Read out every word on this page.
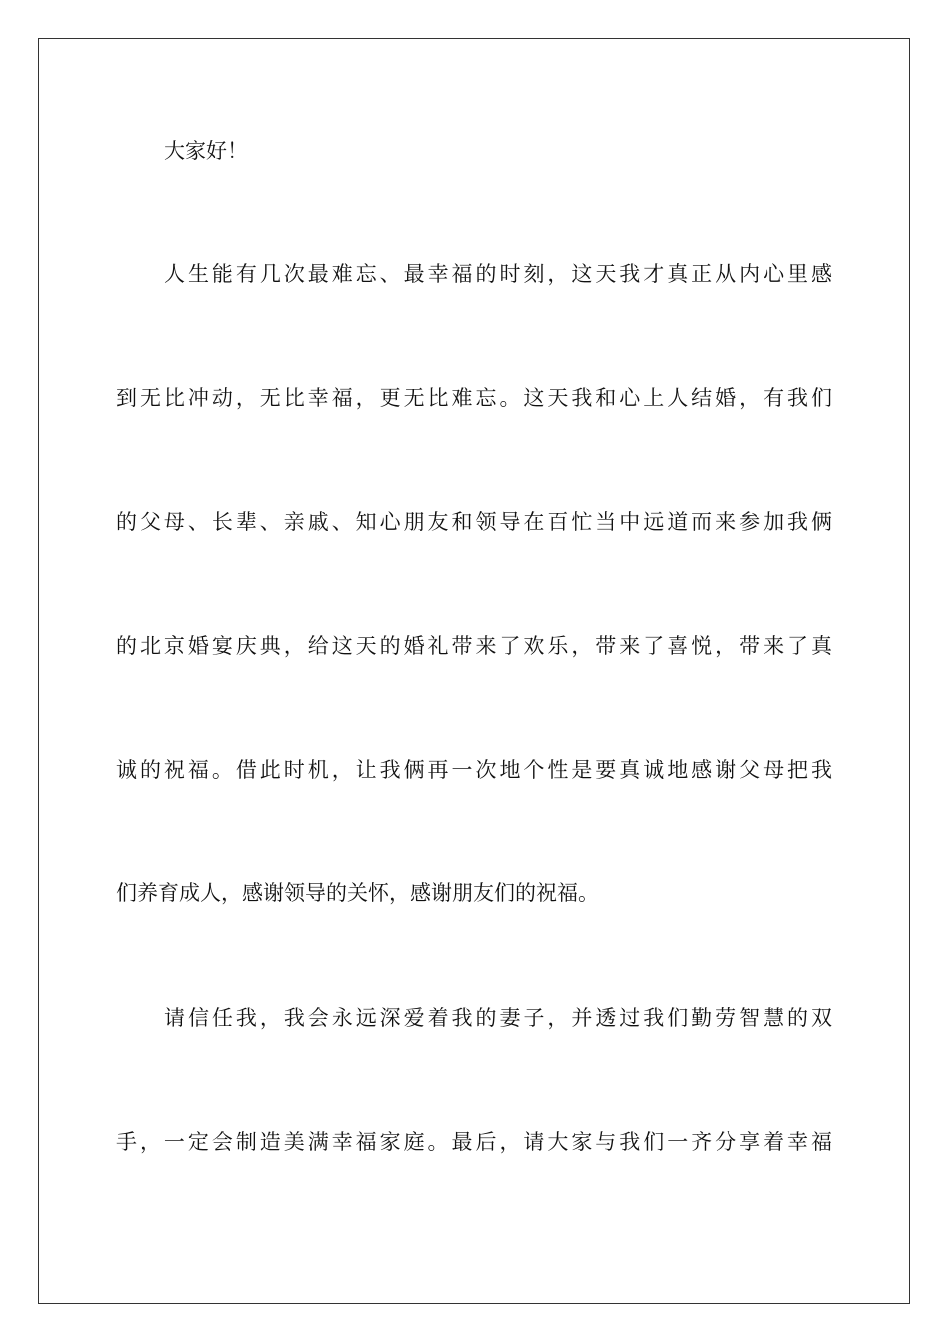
大家好！
人生能有几次最难忘、最幸福的时刻，这天我才真正从内心里感
到无比冲动，无比幸福，更无比难忘。这天我和心上人结婚，有我们
的父母、长辈、亲戚、知心朋友和领导在百忙当中远道而来参加我俩
的北京婚宴庆典，给这天的婚礼带来了欢乐，带来了喜悦，带来了真
诚的祝福。借此时机，让我俩再一次地个性是要真诚地感谢父母把我
们养育成人，感谢领导的关怀，感谢朋友们的祝福。
请信任我，我会永远深爱着我的妻子，并透过我们勤劳智慧的双
手，一定会制造美满幸福家庭。最后，请大家与我们一齐分享着幸福
